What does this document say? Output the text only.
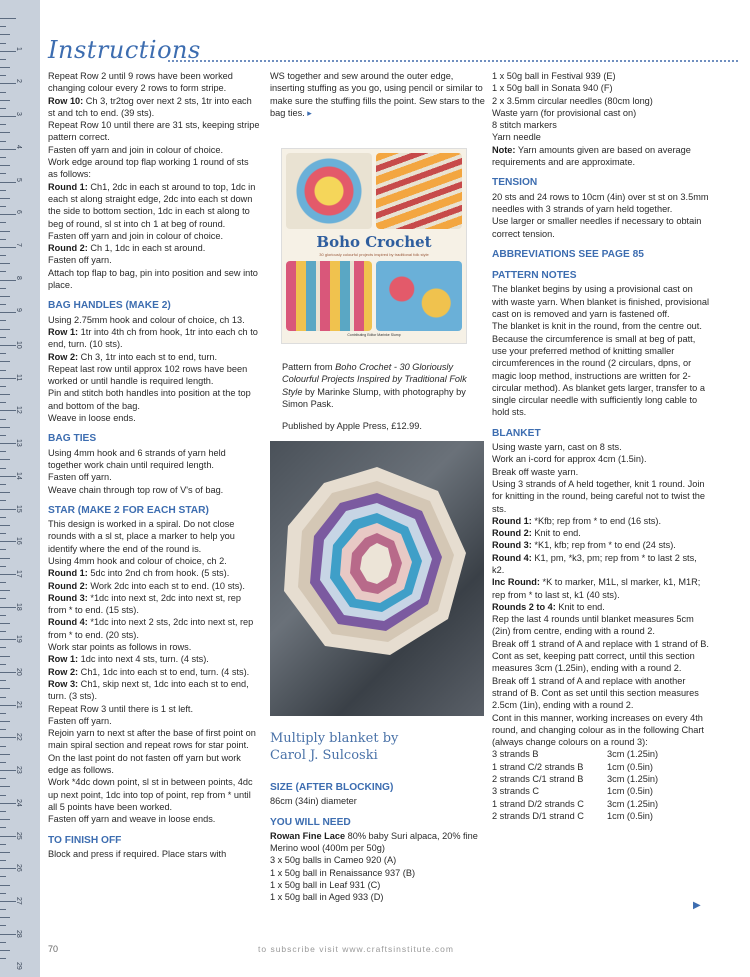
1
2
3
4
5
6
7
8
9
10
11
12
13
14
15
16
17
18
19
20
21
22
23
24
25
26
27
28
29
Instructions

Repeat Row 2 until 9 rows have been worked changing colour every 2 rows to form stripe.

Row 10: Ch 3, tr2tog over next 2 sts, 1tr into each st and tch to end. (39 sts).

Repeat Row 10 until there are 31 sts, keeping stripe pattern correct.

Fasten off yarn and join in colour of choice.

Work edge around top flap working 1 round of sts as follows:

Round 1: Ch1, 2dc in each st around to top, 1dc in each st along straight edge, 2dc into each st down the side to bottom section, 1dc in each st along to beg of round, sl st into ch 1 at beg of round.

Fasten off yarn and join in colour of choice.

Round 2: Ch 1, 1dc in each st around.

Fasten off yarn.

Attach top flap to bag, pin into position and sew into place.

BAG HANDLES (MAKE 2)

Using 2.75mm hook and colour of choice, ch 13.

Row 1: 1tr into 4th ch from hook, 1tr into each ch to end, turn. (10 sts).

Row 2: Ch 3, 1tr into each st to end, turn.

Repeat last row until approx 102 rows have been worked or until handle is required length.

Pin and stitch both handles into position at the top and bottom of the bag.

Weave in loose ends.

BAG TIES

Using 4mm hook and 6 strands of yarn held together work chain until required length.

Fasten off yarn.

Weave chain through top row of V's of bag.

STAR (MAKE 2 FOR EACH STAR)

This design is worked in a spiral. Do not close rounds with a sl st, place a marker to help you identify where the end of the round is.

Using 4mm hook and colour of choice, ch 2.

Round 1: 5dc into 2nd ch from hook. (5 sts).

Round 2: Work 2dc into each st to end. (10 sts).

Round 3: *1dc into next st, 2dc into next st, rep from * to end. (15 sts).

Round 4: *1dc into next 2 sts, 2dc into next st, rep from * to end. (20 sts).

Work star points as follows in rows.

Row 1: 1dc into next 4 sts, turn. (4 sts).

Row 2: Ch1, 1dc into each st to end, turn. (4 sts).

Row 3: Ch1, skip next st, 1dc into each st to end, turn. (3 sts).

Repeat Row 3 until there is 1 st left.

Fasten off yarn.

Rejoin yarn to next st after the base of first point on main spiral section and repeat rows for star point. On the last point do not fasten off yarn but work edge as follows.

Work *4dc down point, sl st in between points, 4dc up next point, 1dc into top of point, rep from * until all 5 points have been worked.

Fasten off yarn and weave in loose ends.

TO FINISH OFF

Block and press if required. Place stars with

WS together and sew around the outer edge, inserting stuffing as you go, using pencil or similar to make sure the stuffing fills the point. Sew stars to the bag ties. ▸

Boho Crochet
30 gloriously colourful projects inspired by traditional folk style
Contributing Editor Marinke Slump

Pattern from Boho Crochet - 30 Gloriously Colourful Projects Inspired by Traditional Folk Style by Marinke Slump, with photography by Simon Pask.

Published by Apple Press, £12.99.

Multiply blanket by
Carol J. Sulcoski

SIZE (AFTER BLOCKING)

86cm (34in) diameter

YOU WILL NEED

Rowan Fine Lace 80% baby Suri alpaca, 20% fine Merino wool (400m per 50g)

3 x 50g balls in Cameo 920 (A)

1 x 50g ball in Renaissance 937 (B)

1 x 50g ball in Leaf 931 (C)

1 x 50g ball in Aged 933 (D)

1 x 50g ball in Festival 939 (E)

1 x 50g ball in Sonata 940 (F)

2 x 3.5mm circular needles (80cm long)

Waste yarn (for provisional cast on)

8 stitch markers

Yarn needle

Note: Yarn amounts given are based on average requirements and are approximate.

TENSION

20 sts and 24 rows to 10cm (4in) over st st on 3.5mm needles with 3 strands of yarn held together.

Use larger or smaller needles if necessary to obtain correct tension.

ABBREVIATIONS SEE PAGE 85

PATTERN NOTES

The blanket begins by using a provisional cast on with waste yarn. When blanket is finished, provisional cast on is removed and yarn is fastened off.

The blanket is knit in the round, from the centre out. Because the circumference is small at beg of patt, use your preferred method of knitting smaller circumferences in the round (2 circulars, dpns, or magic loop method, instructions are written for 2-circular method). As blanket gets larger, transfer to a single circular needle with sufficiently long cable to hold sts.

BLANKET

Using waste yarn, cast on 8 sts.

Work an i-cord for approx 4cm (1.5in).

Break off waste yarn.

Using 3 strands of A held together, knit 1 round. Join for knitting in the round, being careful not to twist the sts.

Round 1: *Kfb; rep from * to end (16 sts).

Round 2: Knit to end.

Round 3: *K1, kfb; rep from * to end (24 sts).

Round 4: K1, pm, *k3, pm; rep from * to last 2 sts, k2.

Inc Round: *K to marker, M1L, sl marker, k1, M1R; rep from * to last st, k1 (40 sts).

Rounds 2 to 4: Knit to end.

Rep the last 4 rounds until blanket measures 5cm (2in) from centre, ending with a round 2.

Break off 1 strand of A and replace with 1 strand of B. Cont as set, keeping patt correct, until this section measures 3cm (1.25in), ending with a round 2.

Break off 1 strand of A and replace with another strand of B. Cont as set until this section measures 2.5cm (1in), ending with a round 2.

Cont in this manner, working increases on every 4th round, and changing colour as in the following Chart (always change colours on a round 3):

3 strands B	3cm (1.25in)
1 strand C/2 strands B	1cm (0.5in)
2 strands C/1 strand B	3cm (1.25in)
3 strands C	1cm (0.5in)
1 strand D/2 strands C	3cm (1.25in)
2 strands D/1 strand C	1cm (0.5in)
▶
70	to subscribe visit www.craftsinstitute.com
